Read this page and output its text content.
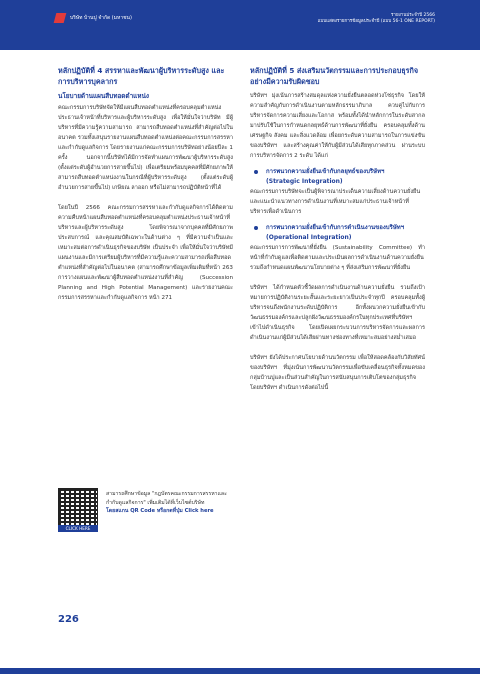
บริษัท บ้านปู จำกัด (มหาชน)	รายงานประจำปี 2566
แบบแสดงรายการข้อมูลประจำปี (แบบ 56-1 ONE REPORT)
หลักปฏิบัติที่ 4 สรรหาและพัฒนาผู้บริหารระดับสูง และการบริหารบุคลากร
นโยบายด้านแผนสืบทอดตำแหน่ง

คณะกรรมการบริษัทจัดให้มีแผนสืบทอดตำแหน่งที่ครอบคลุมตำแหน่งประธานเจ้าหน้าที่บริหารและผู้บริหารระดับสูง เพื่อให้มั่นใจว่าบริษัท มีผู้บริหารที่มีความรู้ความสามารถ สามารถสืบทอดตำแหน่งที่สำคัญต่อไปในอนาคต รวมทั้งเสนุนรายงานแผนสืบทอดตำแหน่งต่อคณะกรรมการสรรหาและกำกับดูแลกิจการ โดยรายงานแก่คณะกรรมการบริษัทอย่างน้อยปีละ 1 ครั้ง นอกจากนี้บริษัทได้มีการจัดทำแผนการพัฒนาผู้บริหารระดับสูง (ตั้งแต่ระดับผู้อำนวยการสายขึ้นไป) เพื่อเตรียมพร้อมบุคคลที่มีศักยภาพให้สามารถสืบทอดตำแหน่งงานในกรณีที่ผู้บริหารระดับสูง (ตั้งแต่ระดับผู้อำนวยการสายขึ้นไป) เกษียณ ลาออก หรือไม่สามารถปฏิบัติหน้าที่ได้

โดยในปี 2566 คณะกรรมการสรรหาและกำกับดูแลกิจการได้ติดตามความคืบหน้าแผนสืบทอดตำแหน่งที่ครอบคลุมตำแหน่งประธานเจ้าหน้าที่บริหารและผู้บริหารระดับสูง โดยพิจารณาจากบุคคลที่มีศักยภาพ ประสบการณ์ และคุณสมบัติเฉพาะในด้านต่าง ๆ ที่มีความจำเป็นและเหมาะสมต่อการดำเนินธุรกิจของบริษัท เป็นประจำ เพื่อให้มั่นใจว่าบริษัทมีแผนงานและมีการเตรียมผู้บริหารที่มีความรู้และความสามารถเพื่อสืบทอดตำแหน่งที่สำคัญต่อไปในอนาคต (สามารถศึกษาข้อมูลเพิ่มเติมที่หน้า 263 การวางแผนและพัฒนาผู้สืบทอดตำแหน่งงานที่สำคัญ (Succession Planning and High Potential Management) และรายงานคณะกรรมการสรรหาและกำกับดูแลกิจการ หน้า 271

CLICK HERE
สามารถศึกษาข้อมูล "กฎบัตรคณะกรรมการสรรหาและกำกับดูแลกิจการ" เพิ่มเติมได้ที่เว็บไซต์บริษัท
โดยสแกน QR Code หรือกดที่ปุ่ม Click here
หลักปฏิบัติที่ 5 ส่งเสริมนวัตกรรมและการประกอบธุรกิจอย่างมีความรับผิดชอบ

บริษัทฯ มุ่งเน้นการสร้างสมดุลแห่งความยั่งยืนตลอดห่วงโซ่ธุรกิจ โดยให้ความสำคัญกับการดำเนินงานตามหลักธรรมาภิบาล ควบคู่ไปกับการบริหารจัดการความเสี่ยงและโอกาส พร้อมทั้งได้นำหลักการในระดับสากลมาปรับใช้ในการกำหนดกลยุทธ์ด้านการพัฒนาที่ยั่งยืน ครอบคลุมทั้งด้านเศรษฐกิจ สังคม และสิ่งแวดล้อม เพื่อยกระดับความสามารถในการแข่งขันของบริษัทฯ และสร้างคุณค่าให้กับผู้มีส่วนได้เสียทุกภาคส่วน ผ่านระบบการบริหารจัดการ 2 ระดับ ได้แก่

การพนวกความยั่งยืนเข้ากับกลยุทธ์ของบริษัทฯ
(Strategic Integration)

คณะกรรมการบริษัทจะเป็นผู้พิจารณาประเด็นความเสี่ยงด้านความยั่งยืน และแนะนำแนวทางการดำเนินงานที่เหมาะสมแก่ประธานเจ้าหน้าที่บริหารเพื่อดำเนินการ

การพนวกความยั่งยืนเข้ากับการดำเนินงานของบริษัทฯ
(Operational Integration)

คณะกรรมการการพัฒนาที่ยั่งยืน (Sustainability Committee) ทำหน้าที่กำกับดูแลเพื่อติดตามและประเมินผลการดำเนินงานด้านความยั่งยืน รวมถึงกำหนดแผนพัฒนานโยบายต่าง ๆ ที่ส่งเสริมการพัฒนาที่ยั่งยืน

บริษัทฯ ได้กำหนดตัวชี้วัดผลการดำเนินงานด้านความยั่งยืน รวมถึงเป้าหมายการปฏิบัติงานระยะสั้นและระยะยาวเป็นประจำทุกปี ครอบคลุมทั้งผู้บริหารจนถึงพนักงานระดับปฏิบัติการ อีกทั้งผนวกความยั่งยืนเข้ากับวัฒนธรรมองค์กรและปลูกฝังวัฒนธรรมองค์กรในทุกประเทศที่บริษัทฯ เข้าไปดำเนินธุรกิจ โดยเปิดเผยกระบวนการบริหารจัดการและผลการดำเนินงานแก่ผู้มีส่วนได้เสียผ่านทางช่องทางที่เหมาะสมอย่างสม่ำเสมอ

บริษัทฯ ยังได้ประกาศนโยบายด้านนวัตกรรม เพื่อให้สอดคล้องกับวิสัยทัศน์ของบริษัทฯ ที่มุ่งเน้นการพัฒนานวัตกรรมเพื่อขับเคลื่อนธุรกิจทั้งหมดของกลุ่มบ้านปูและเป็นส่วนสำคัญในการสนับสนุนการเติบโตของกลุ่มธุรกิจโดยบริษัทฯ ดำเนินการดังต่อไปนี้

226
